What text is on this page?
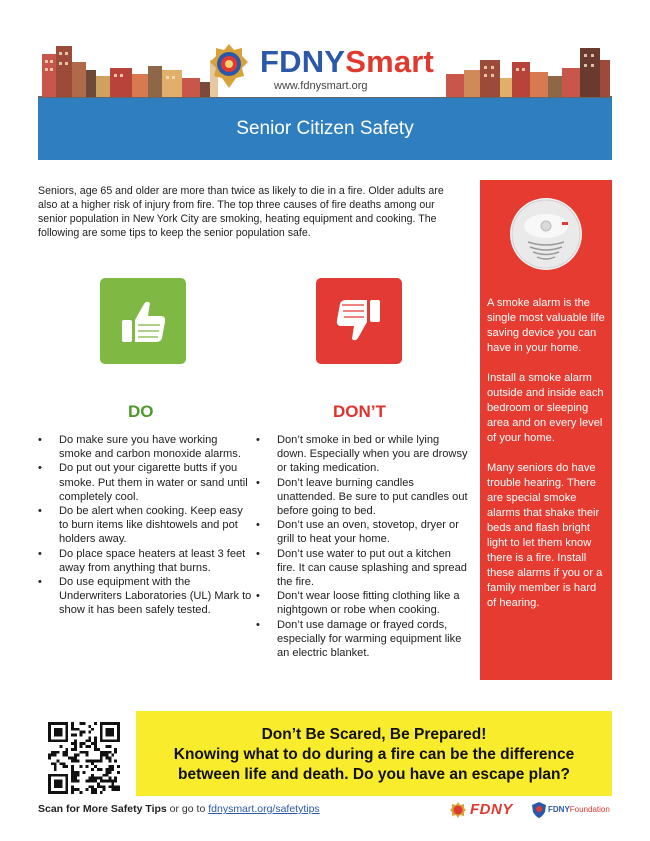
FDNYSmart
www.fdnysmart.org
Senior Citizen Safety
Seniors, age 65 and older are more than twice as likely to die in a fire. Older adults are also at a higher risk of injury from fire. The top three causes of fire deaths among our senior population in New York City are smoking, heating equipment and cooking. The following are some tips to keep the senior population safe.
DO	DON’T
• Do make sure you have working smoke and carbon monoxide alarms.
• Do put out your cigarette butts if you smoke. Put them in water or sand until completely cool.
• Do be alert when cooking. Keep easy to burn items like dishtowels and pot holders away.
• Do place space heaters at least 3 feet away from anything that burns.
• Do use equipment with the Underwriters Laboratories (UL) Mark to show it has been safely tested.
• Don’t smoke in bed or while lying down. Especially when you are drowsy or taking medication.
• Don’t leave burning candles unattended. Be sure to put candles out before going to bed.
• Don’t use an oven, stovetop, dryer or grill to heat your home.
• Don’t use water to put out a kitchen fire. It can cause splashing and spread the fire.
• Don’t wear loose fitting clothing like a nightgown or robe when cooking.
• Don’t use damage or frayed cords, especially for warming equipment like an electric blanket.

A smoke alarm is the single most valuable life saving device you can have in your home.

Install a smoke alarm outside and inside each bedroom or sleeping area and on every level of your home.

Many seniors do have trouble hearing. There are special smoke alarms that shake their beds and flash bright light to let them know there is a fire. Install these alarms if you or a family member is hard of hearing.

Don’t Be Scared, Be Prepared!
Knowing what to do during a fire can be the difference
between life and death. Do you have an escape plan?
Scan for More Safety Tips or go to fdnysmart.org/safetytips	FDNY	FDNYFoundation
